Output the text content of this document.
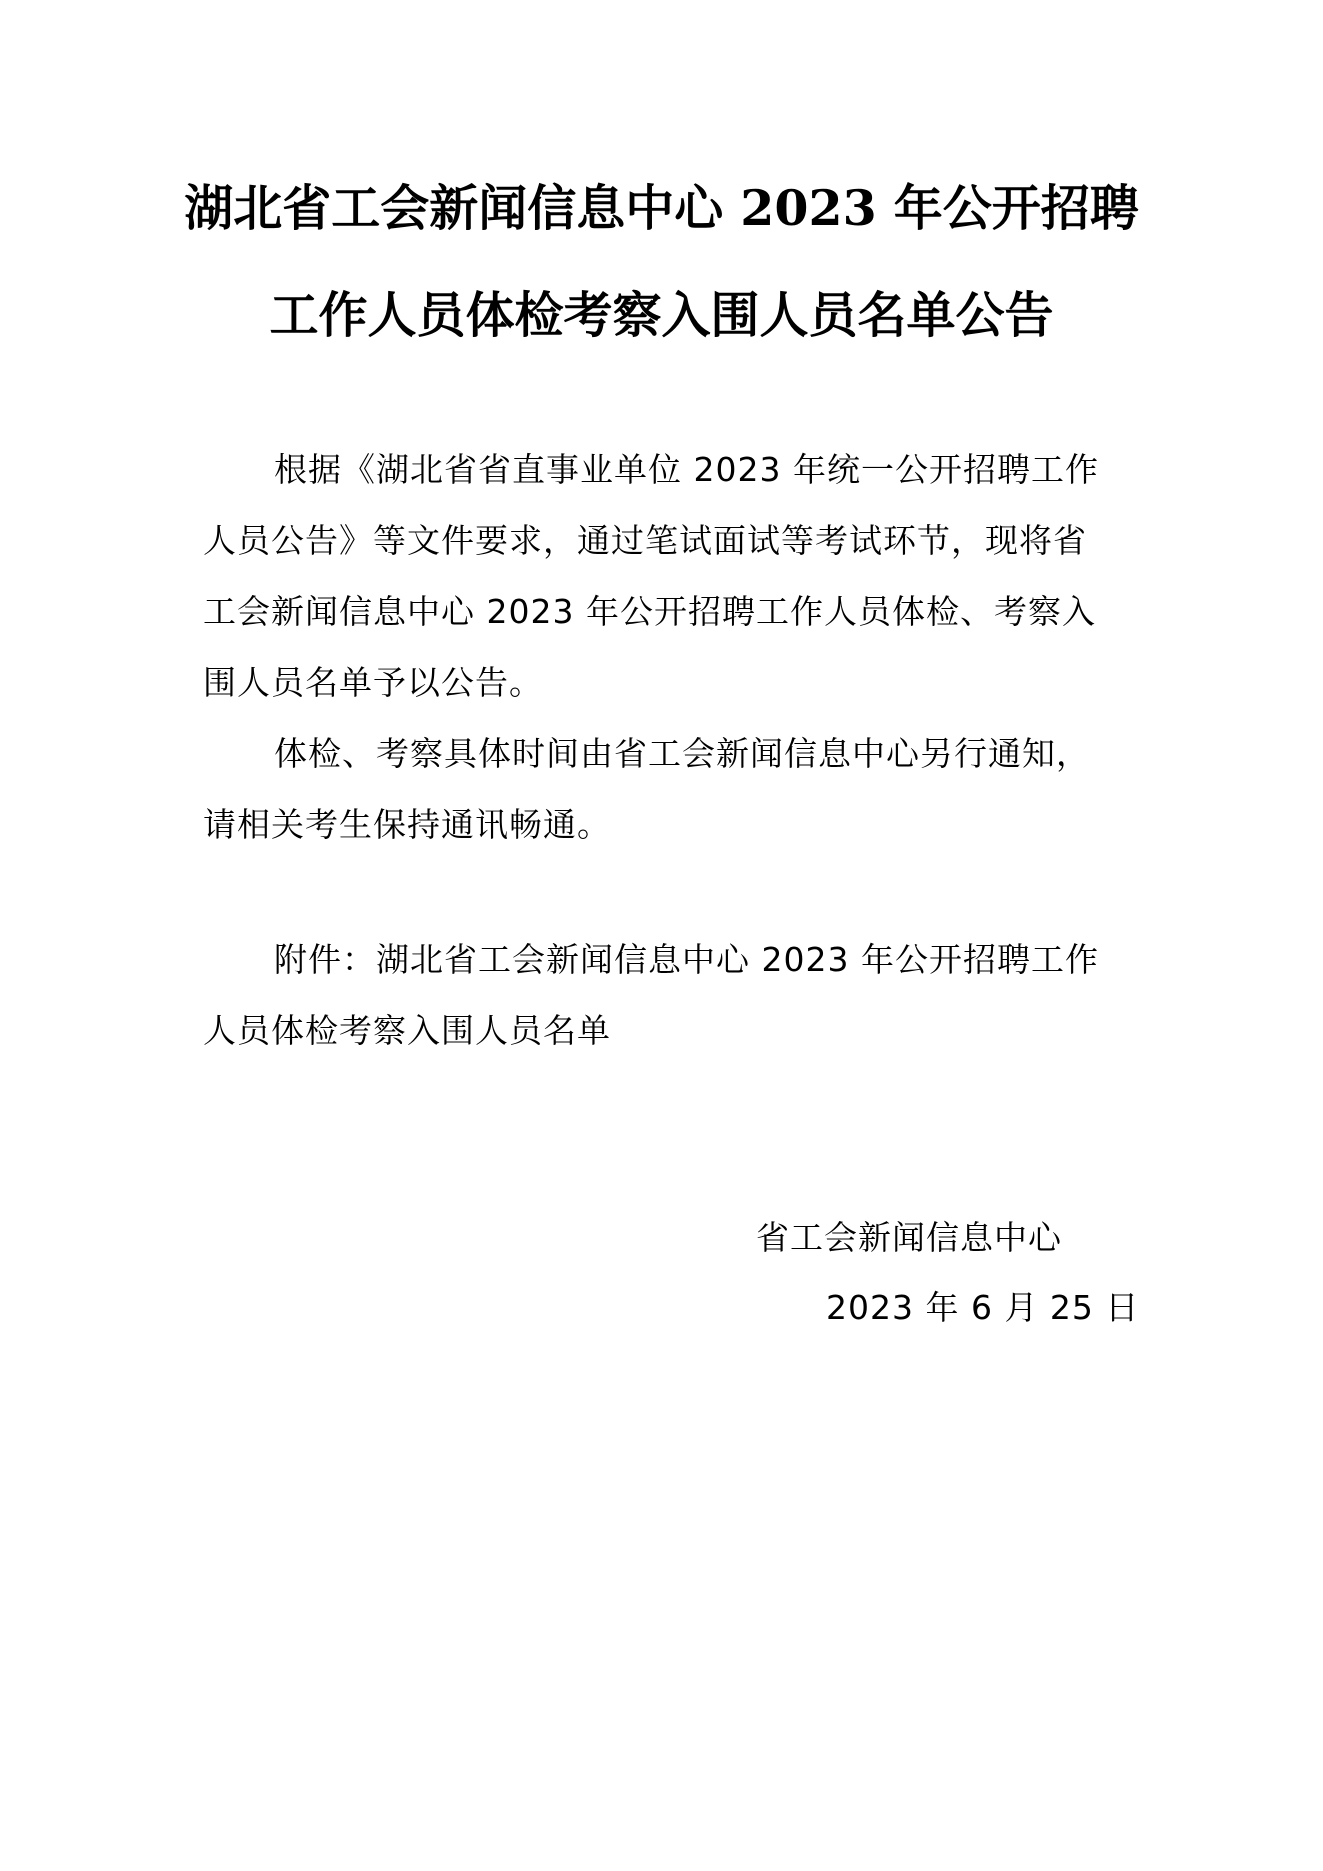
湖北省工会新闻信息中心 2023 年公开招聘
工作人员体检考察入围人员名单公告
根据《湖北省省直事业单位 2023 年统一公开招聘工作
人员公告》等文件要求，通过笔试面试等考试环节，现将省
工会新闻信息中心 2023 年公开招聘工作人员体检、考察入
围人员名单予以公告。
体检、考察具体时间由省工会新闻信息中心另行通知，
请相关考生保持通讯畅通。
附件：湖北省工会新闻信息中心 2023 年公开招聘工作
人员体检考察入围人员名单
省工会新闻信息中心
2023 年 6 月 25 日
